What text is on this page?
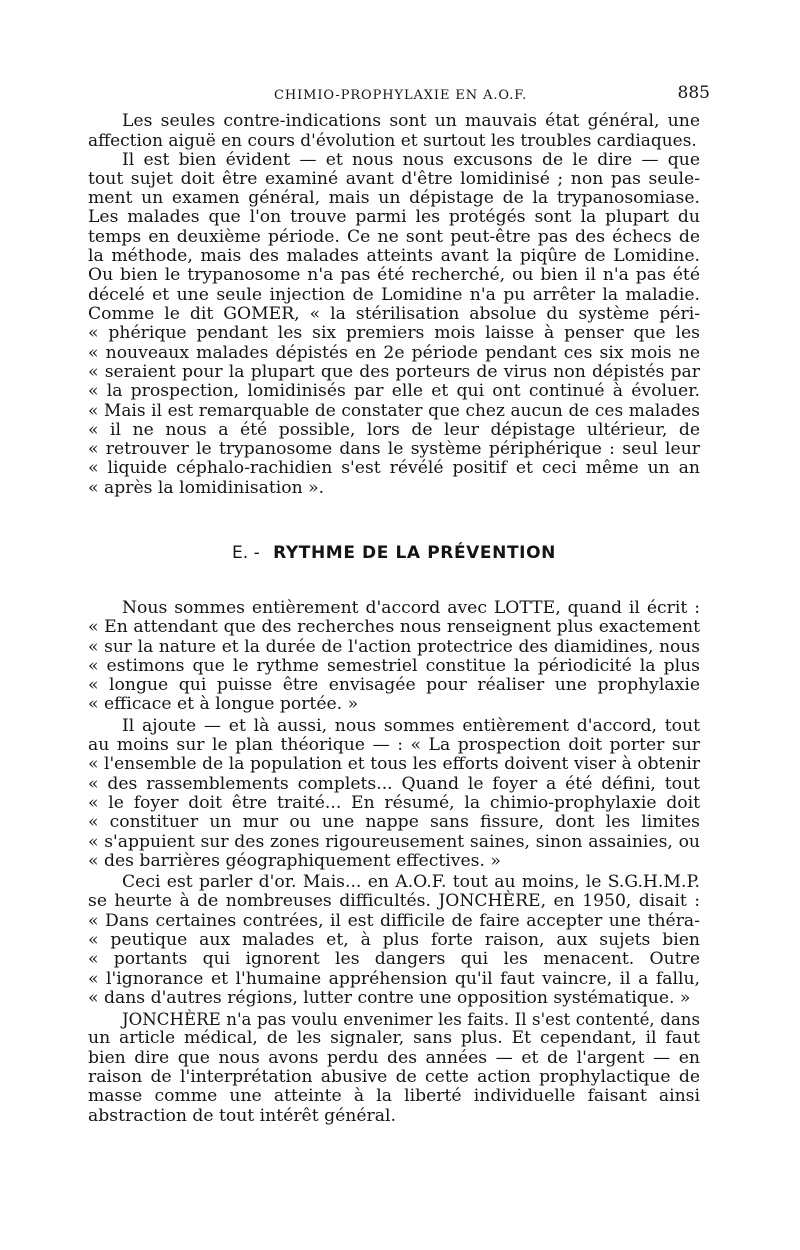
CHIMIO-PROPHYLAXIE EN A.O.F.	885

Les seules contre-indications sont un mauvais état général, une
affection aiguë en cours d'évolution et surtout les troubles cardiaques.

Il est bien évident — et nous nous excusons de le dire — que
tout sujet doit être examiné avant d'être lomidinisé ; non pas seule-
ment un examen général, mais un dépistage de la trypanosomiase.
Les malades que l'on trouve parmi les protégés sont la plupart du
temps en deuxième période. Ce ne sont peut-être pas des échecs de
la méthode, mais des malades atteints avant la piqûre de Lomidine.
Ou bien le trypanosome n'a pas été recherché, ou bien il n'a pas été
décelé et une seule injection de Lomidine n'a pu arrêter la maladie.
Comme le dit GOMER, « la stérilisation absolue du système péri-
« phérique pendant les six premiers mois laisse à penser que les
« nouveaux malades dépistés en 2e période pendant ces six mois ne
« seraient pour la plupart que des porteurs de virus non dépistés par
« la prospection, lomidinisés par elle et qui ont continué à évoluer.
« Mais il est remarquable de constater que chez aucun de ces malades
« il ne nous a été possible, lors de leur dépistage ultérieur, de
« retrouver le trypanosome dans le système périphérique : seul leur
« liquide céphalo-rachidien s'est révélé positif et ceci même un an
« après la lomidinisation ».

E. - RYTHME DE LA PRÉVENTION

Nous sommes entièrement d'accord avec LOTTE, quand il écrit :
« En attendant que des recherches nous renseignent plus exactement
« sur la nature et la durée de l'action protectrice des diamidines, nous
« estimons que le rythme semestriel constitue la périodicité la plus
« longue qui puisse être envisagée pour réaliser une prophylaxie
« efficace et à longue portée. »

Il ajoute — et là aussi, nous sommes entièrement d'accord, tout
au moins sur le plan théorique — : « La prospection doit porter sur
« l'ensemble de la population et tous les efforts doivent viser à obtenir
« des rassemblements complets... Quand le foyer a été défini, tout
« le foyer doit être traité... En résumé, la chimio-prophylaxie doit
« constituer un mur ou une nappe sans fissure, dont les limites
« s'appuient sur des zones rigoureusement saines, sinon assainies, ou
« des barrières géographiquement effectives. »

Ceci est parler d'or. Mais... en A.O.F. tout au moins, le S.G.H.M.P.
se heurte à de nombreuses difficultés. JONCHÈRE, en 1950, disait :
« Dans certaines contrées, il est difficile de faire accepter une théra-
« peutique aux malades et, à plus forte raison, aux sujets bien
« portants qui ignorent les dangers qui les menacent. Outre
« l'ignorance et l'humaine appréhension qu'il faut vaincre, il a fallu,
« dans d'autres régions, lutter contre une opposition systématique. »

JONCHÈRE n'a pas voulu envenimer les faits. Il s'est contenté, dans
un article médical, de les signaler, sans plus. Et cependant, il faut
bien dire que nous avons perdu des années — et de l'argent — en
raison de l'interprétation abusive de cette action prophylactique de
masse comme une atteinte à la liberté individuelle faisant ainsi
abstraction de tout intérêt général.
